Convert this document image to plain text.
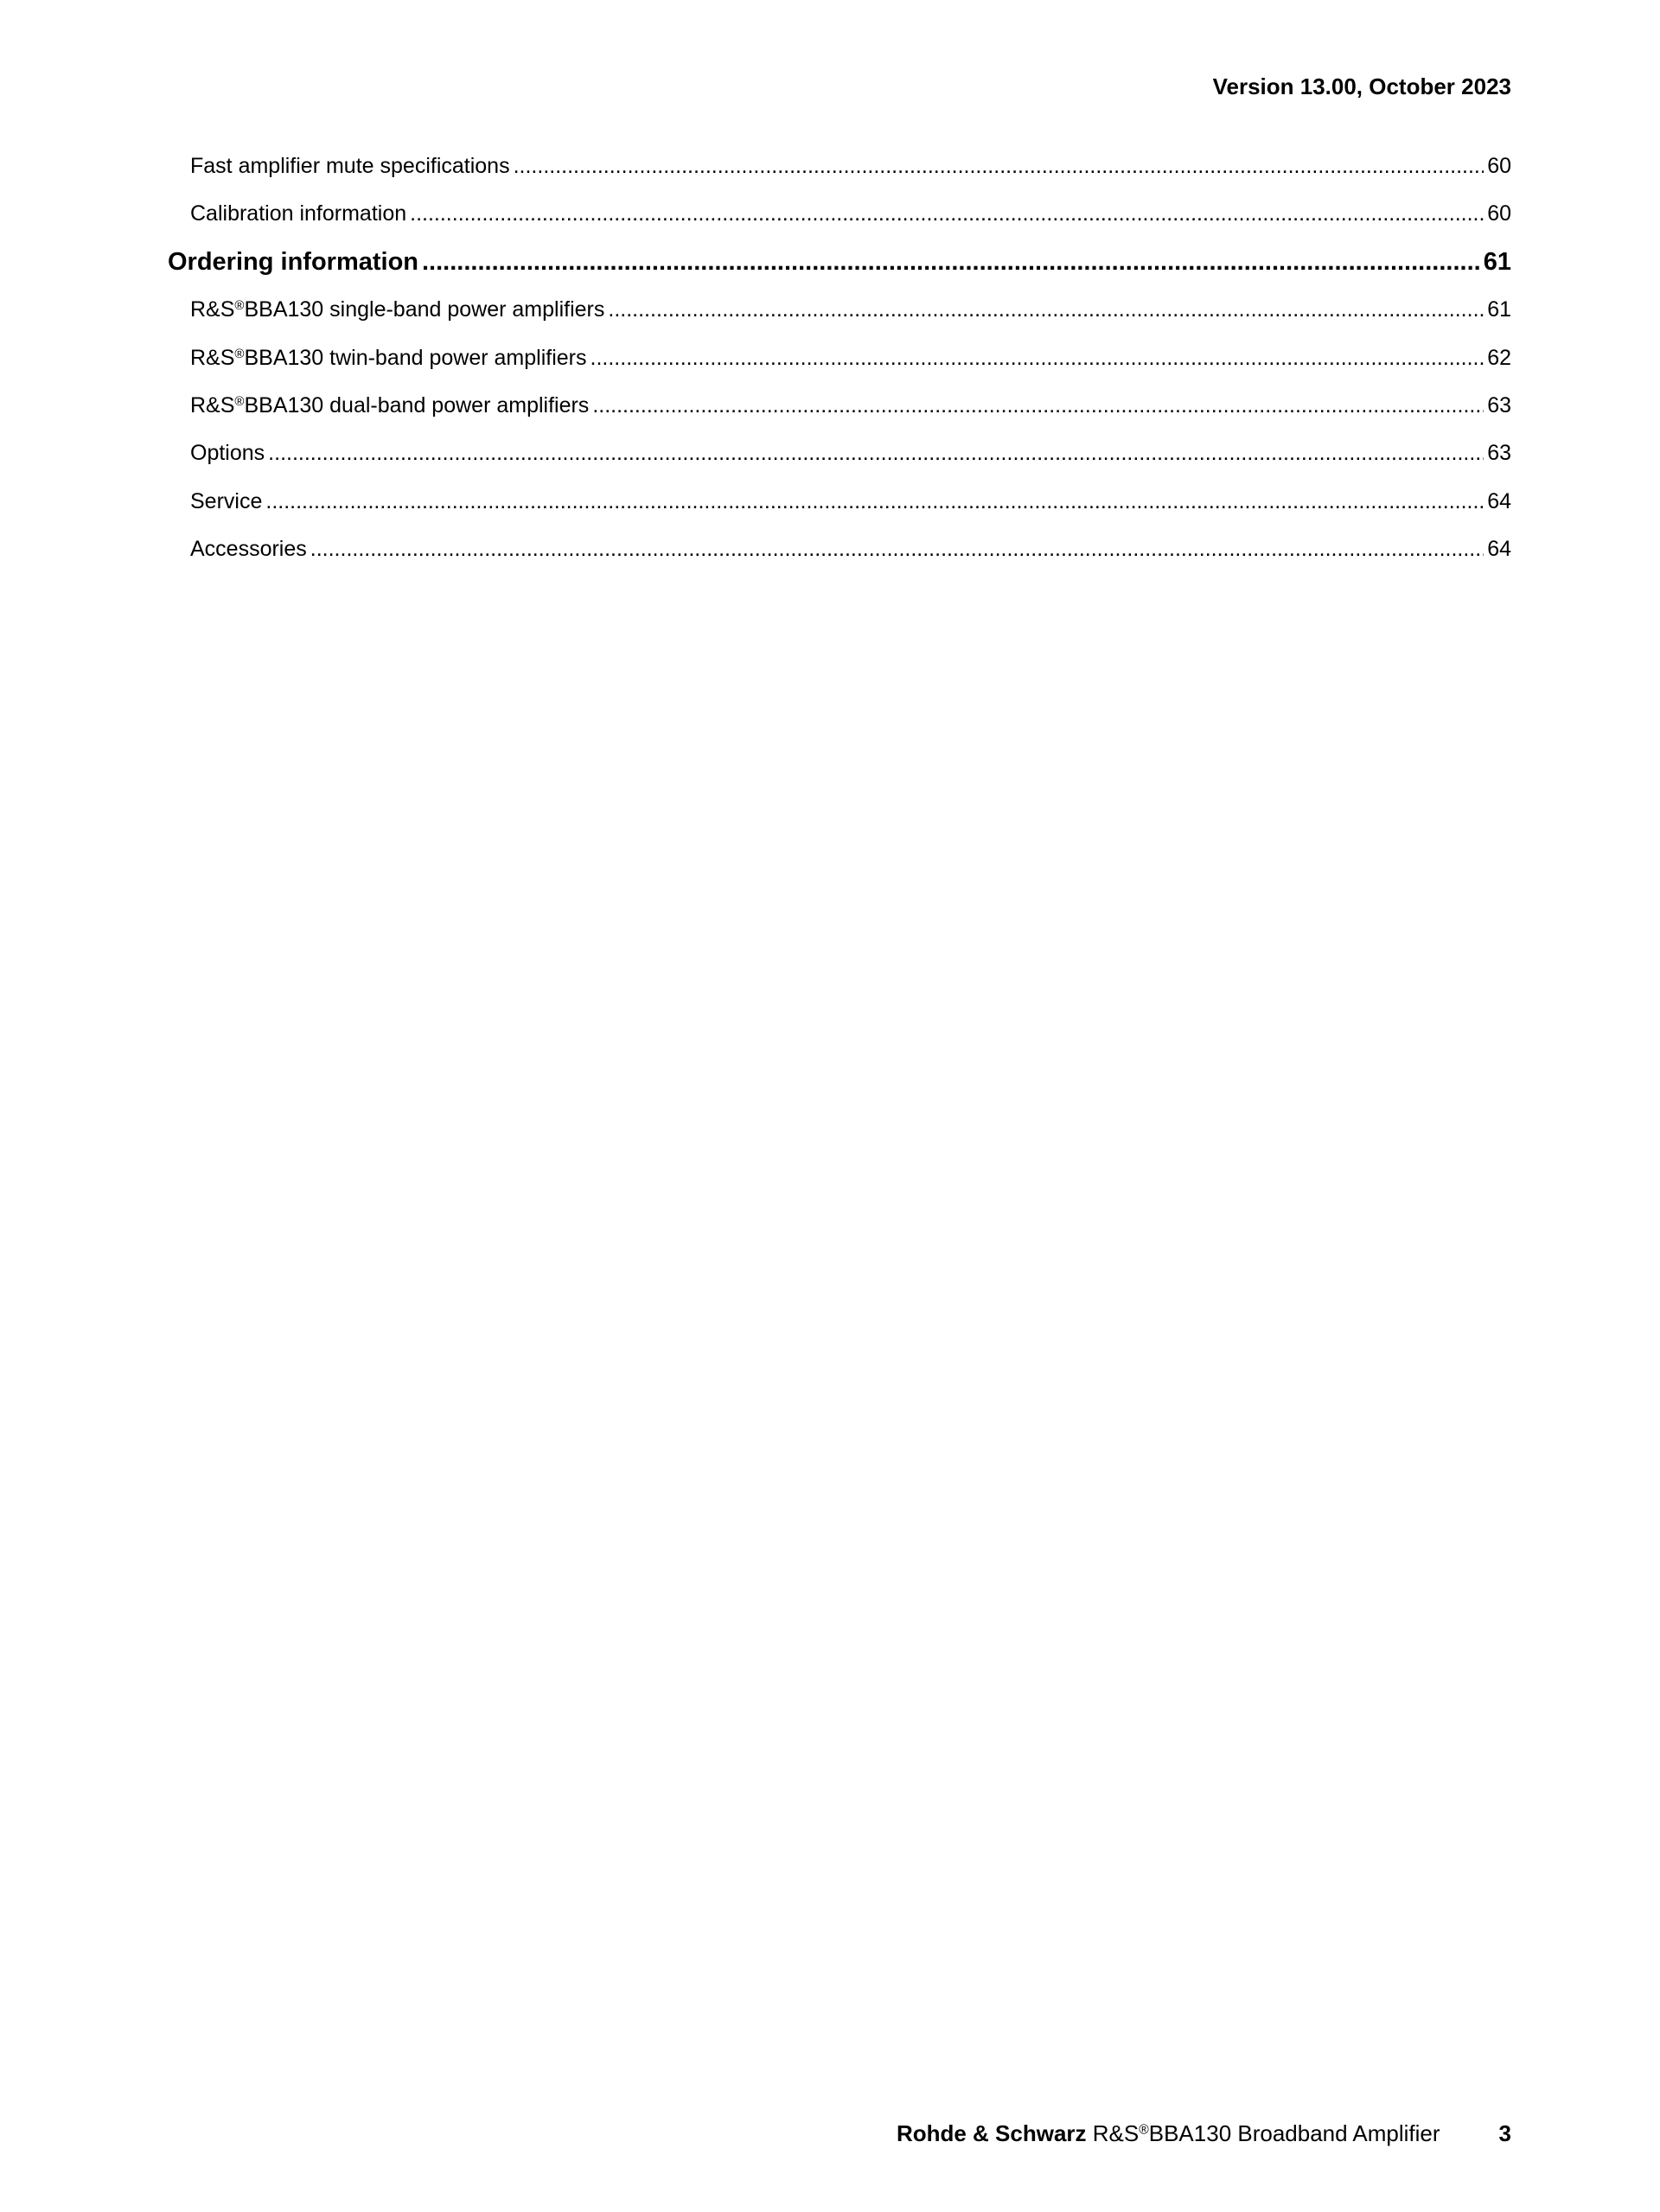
Version 13.00, October 2023
Fast amplifier mute specifications .....	60
Calibration information .....	60
Ordering information .....	61
R&S®BBA130 single-band power amplifiers .....	61
R&S®BBA130 twin-band power amplifiers .....	62
R&S®BBA130 dual-band power amplifiers .....	63
Options .....	63
Service .....	64
Accessories .....	64
Rohde & Schwarz R&S®BBA130 Broadband Amplifier	3
